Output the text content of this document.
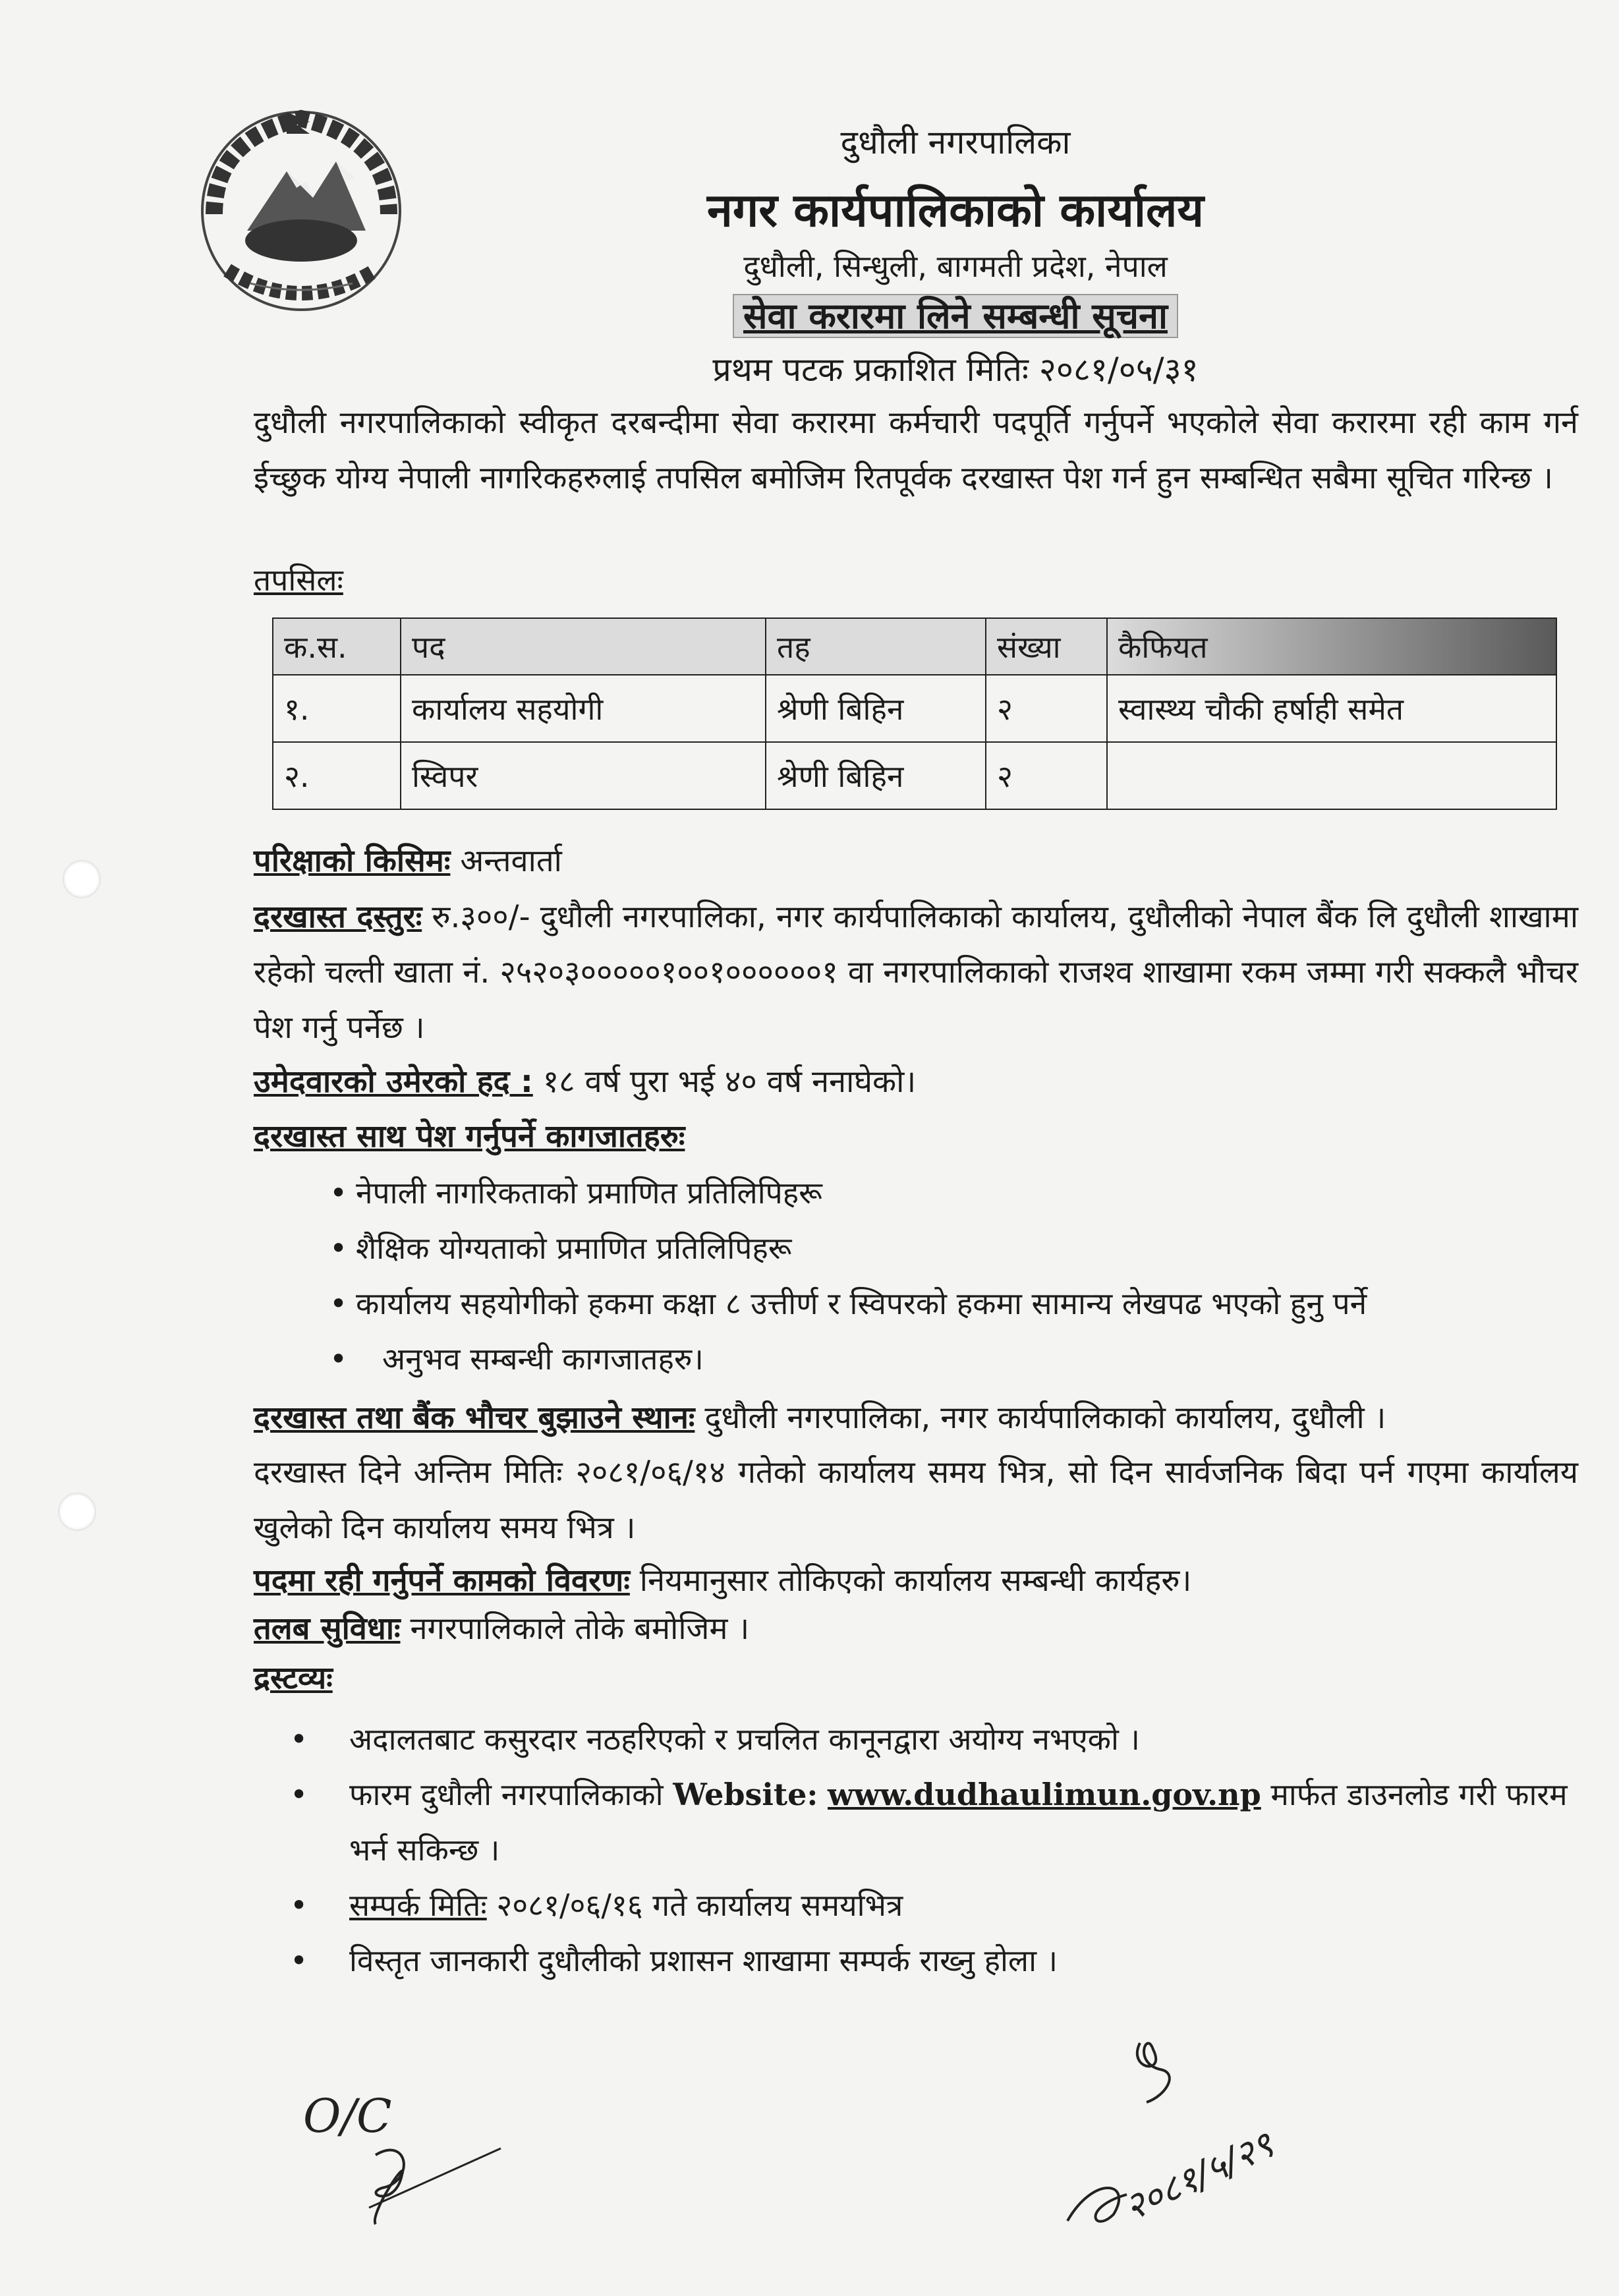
दुधौली नगरपालिका
नगर कार्यपालिकाको कार्यालय
दुधौली, सिन्धुली, बागमती प्रदेश, नेपाल
सेवा करारमा लिने सम्बन्धी सूचना
प्रथम पटक प्रकाशित मितिः २०८१/०५/३१
दुधौली नगरपालिकाको स्वीकृत दरबन्दीमा सेवा करारमा कर्मचारी पदपूर्ति गर्नुपर्ने भएकोले सेवा करारमा रही काम गर्न ईच्छुक योग्य नेपाली नागरिकहरुलाई तपसिल बमोजिम रितपूर्वक दरखास्त पेश गर्न हुन सम्बन्धित सबैमा सूचित गरिन्छ ।
तपसिलः
क.स.	पद	तह	संख्या	कैफियत
१.	कार्यालय सहयोगी	श्रेणी बिहिन	२	स्वास्थ्य चौकी हर्षाही समेत
२.	स्विपर	श्रेणी बिहिन	२	
परिक्षाको किसिमः अन्तवार्ता
दरखास्त दस्तुरः रु.३००/- दुधौली नगरपालिका, नगर कार्यपालिकाको कार्यालय, दुधौलीको नेपाल बैंक लि दुधौली शाखामा रहेको चल्ती खाता नं. २५२०३०००००१००१००००००१ वा नगरपालिकाको राजश्व शाखामा रकम जम्मा गरी सक्कलै भौचर पेश गर्नु पर्नेछ ।
उमेदवारको उमेरको हद : १८ वर्ष पुरा भई ४० वर्ष ननाघेको।
दरखास्त साथ पेश गर्नुपर्ने कागजातहरुः
• नेपाली नागरिकताको प्रमाणित प्रतिलिपिहरू
• शैक्षिक योग्यताको प्रमाणित प्रतिलिपिहरू
• कार्यालय सहयोगीको हकमा कक्षा ८ उत्तीर्ण र स्विपरको हकमा सामान्य लेखपढ भएको हुनु पर्ने
•	अनुभव सम्बन्धी कागजातहरु।
दरखास्त तथा बैंक भौचर बुझाउने स्थानः दुधौली नगरपालिका, नगर कार्यपालिकाको कार्यालय, दुधौली ।
दरखास्त दिने अन्तिम मितिः २०८१/०६/१४ गतेको कार्यालय समय भित्र, सो दिन सार्वजनिक बिदा पर्न गएमा कार्यालय खुलेको दिन कार्यालय समय भित्र ।
पदमा रही गर्नुपर्ने कामको विवरणः नियमानुसार तोकिएको कार्यालय सम्बन्धी कार्यहरु।
तलब सुविधाः नगरपालिकाले तोके बमोजिम ।
द्रस्टव्यः
•	अदालतबाट कसुरदार नठहरिएको र प्रचलित कानूनद्वारा अयोग्य नभएको ।
•	फारम दुधौली नगरपालिकाको Website: www.dudhaulimun.gov.np मार्फत डाउनलोड गरी फारम भर्न सकिन्छ ।
•	सम्पर्क मितिः २०८१/०६/१६ गते कार्यालय समयभित्र
•	विस्तृत जानकारी दुधौलीको प्रशासन शाखामा सम्पर्क राख्नु होला ।
O/C
२०८१/५/२९
